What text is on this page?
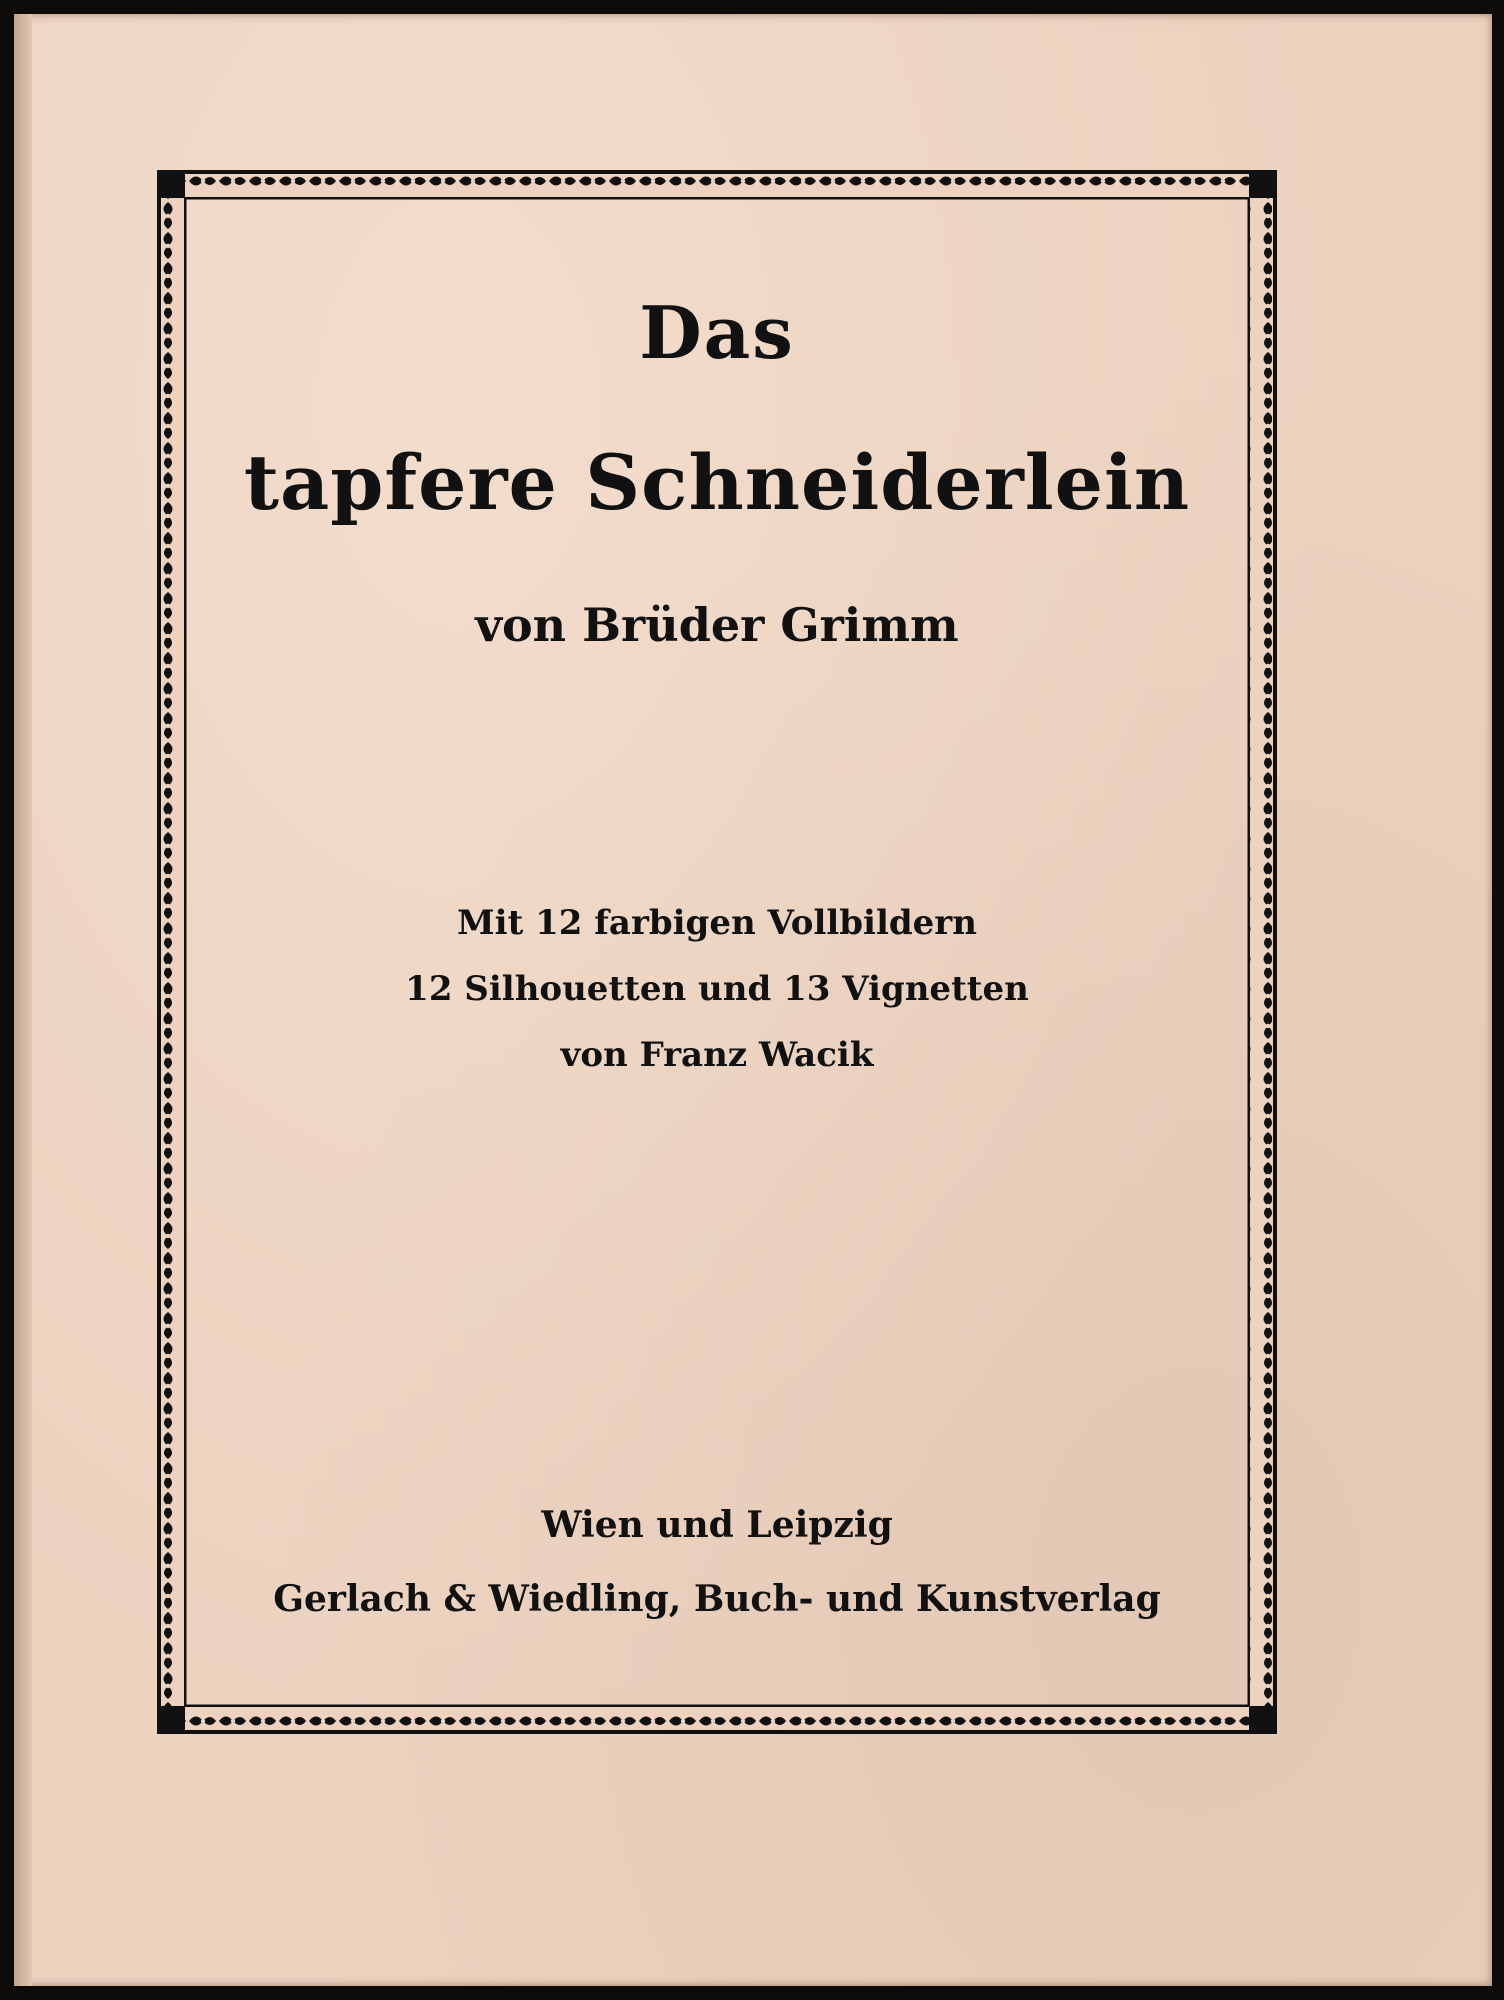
Das
tapfere Schneiderlein
von Brüder Grimm
Mit 12 farbigen Vollbildern
12 Silhouetten und 13 Vignetten
von Franz Wacik
Wien und Leipzig
Gerlach & Wiedling, Buch- und Kunstverlag
